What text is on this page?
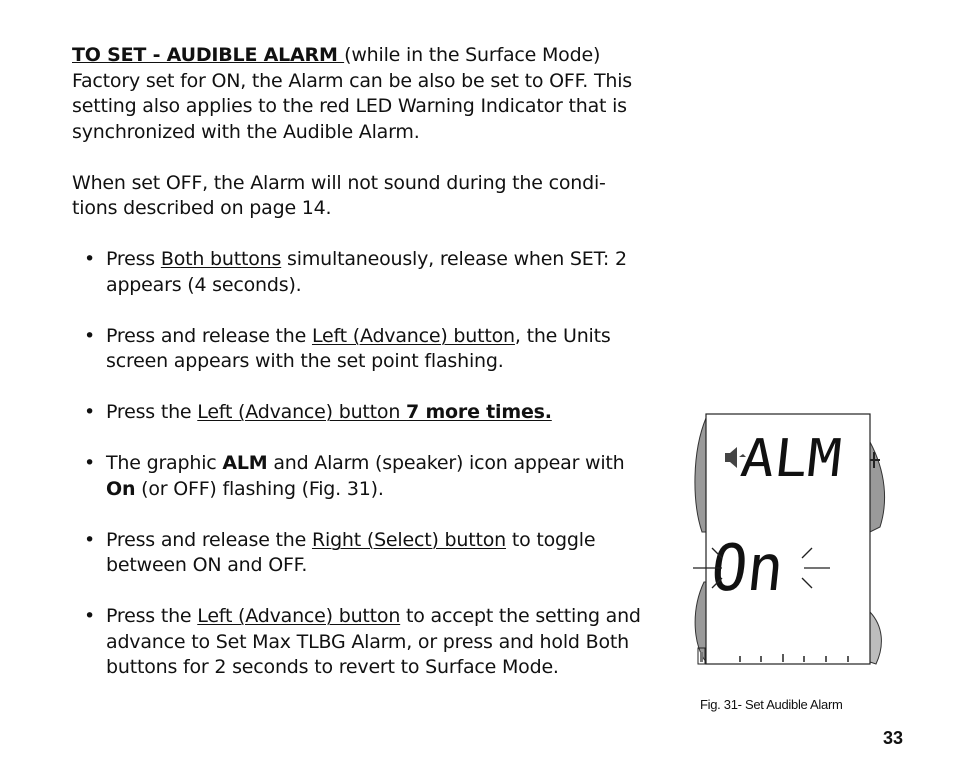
TO SET - AUDIBLE ALARM (while in the Surface Mode) Factory set for ON, the Alarm can be also be set to OFF. This setting also applies to the red LED Warning Indicator that is synchronized with the Audible Alarm.

When set OFF, the Alarm will not sound during the condi-tions described on page 14.

• Press Both buttons simultaneously, release when SET: 2 appears (4 seconds).
• Press and release the Left (Advance) button, the Units screen appears with the set point flashing.
• Press the Left (Advance) button 7 more times.
• The graphic ALM and Alarm (speaker) icon appear with On (or OFF) flashing (Fig. 31).
• Press and release the Right (Select) button to toggle between ON and OFF.
• Press the Left (Advance) button to accept the setting and advance to Set Max TLBG Alarm, or press and hold Both buttons for 2 seconds to revert to Surface Mode.
ALM
On
Fig. 31- Set Audible Alarm
33
